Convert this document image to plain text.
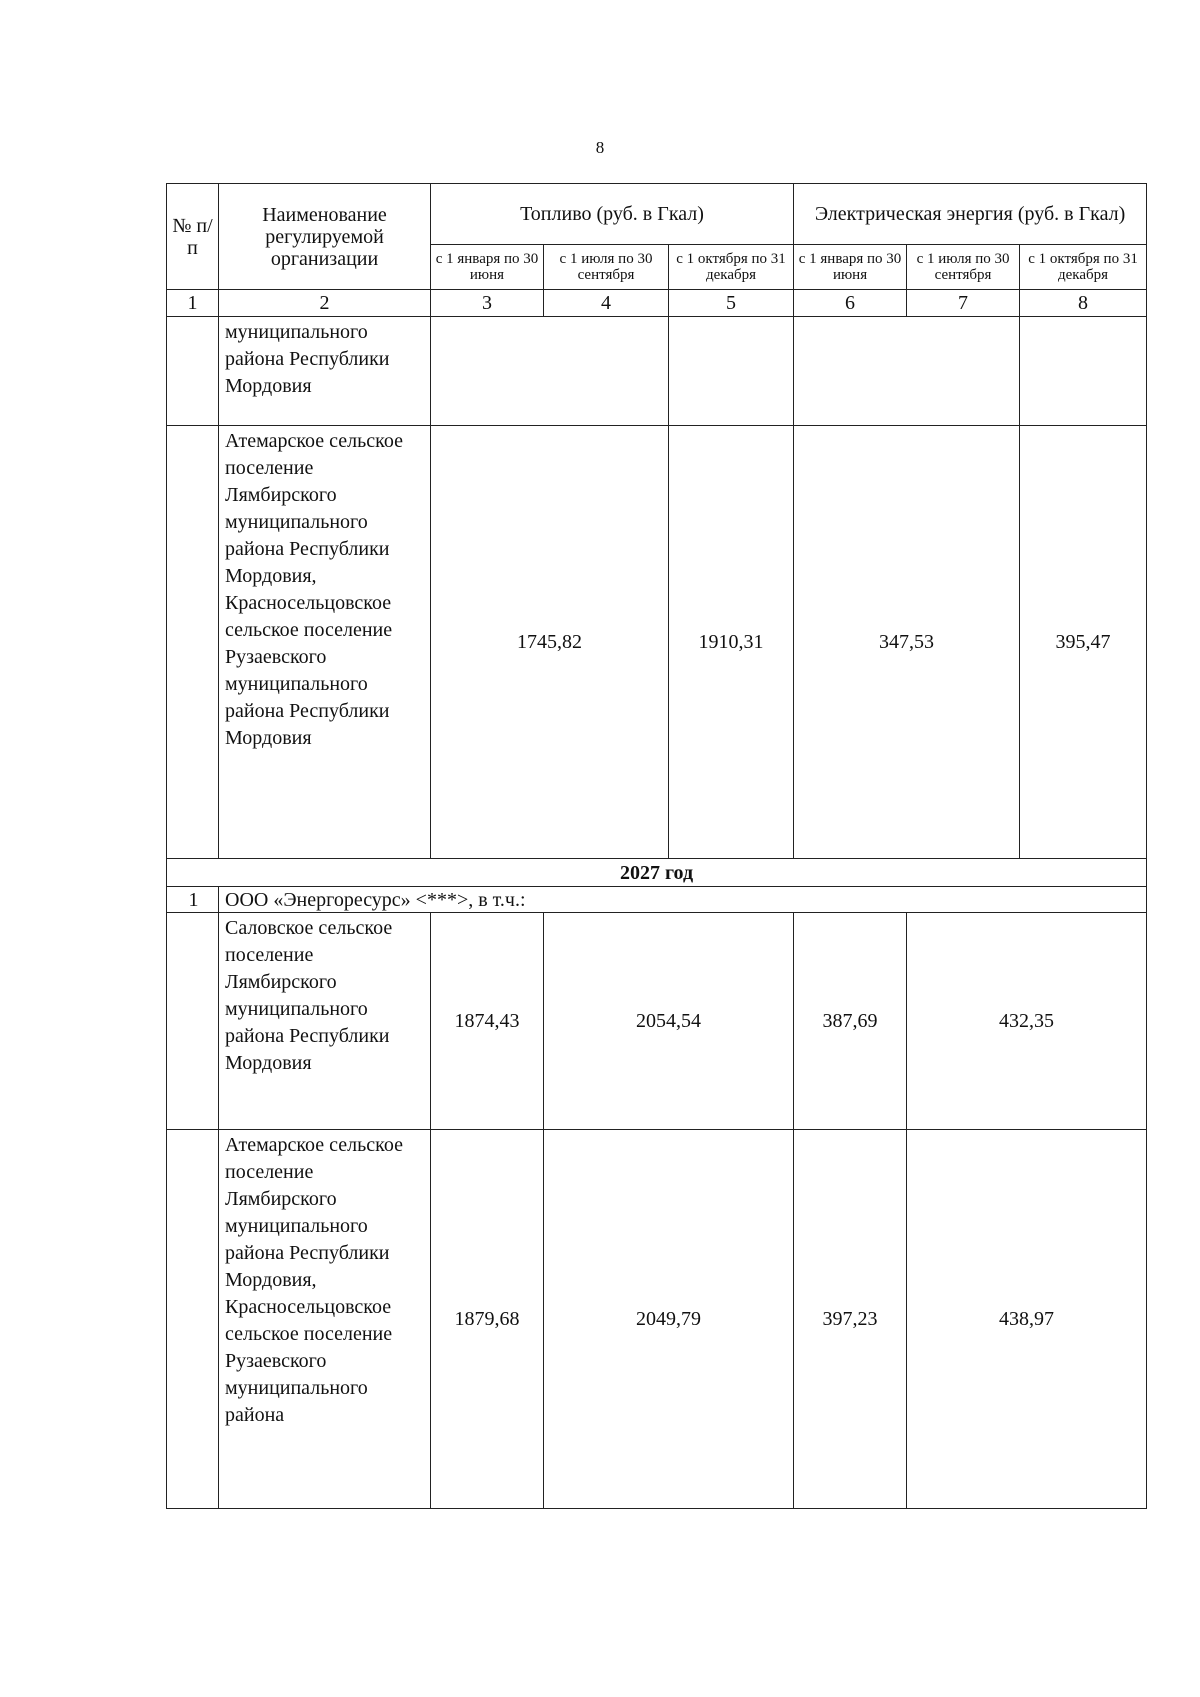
8
№ п/п	Наименование регулируемой организации	Топливо (руб. в Гкал)			Электрическая энергия (руб. в Гкал)		
		с 1 января по 30 июня	с 1 июля по 30 сентября	с 1 октября по 31 декабря	с 1 января по 30 июня	с 1 июля по 30 сентября	с 1 октября по 31 декабря
1	2	3	4	5	6	7	8
	муниципального района Республики Мордовия						
	Атемарское сельское поселение Лямбирского муниципального района Республики Мордовия, Красносельцовское сельское поселение Рузаевского муниципального района Республики Мордовия	1745,82		1910,31	347,53		395,47
2027 год							
1	ООО «Энергоресурс» <***>, в т.ч.:						
	Саловское сельское поселение Лямбирского муниципального района Республики Мордовия	1874,43	2054,54		387,69	432,35	
	Атемарское сельское поселение Лямбирского муниципального района Республики Мордовия, Красносельцовское сельское поселение Рузаевского муниципального района	1879,68	2049,79		397,23	438,97	
